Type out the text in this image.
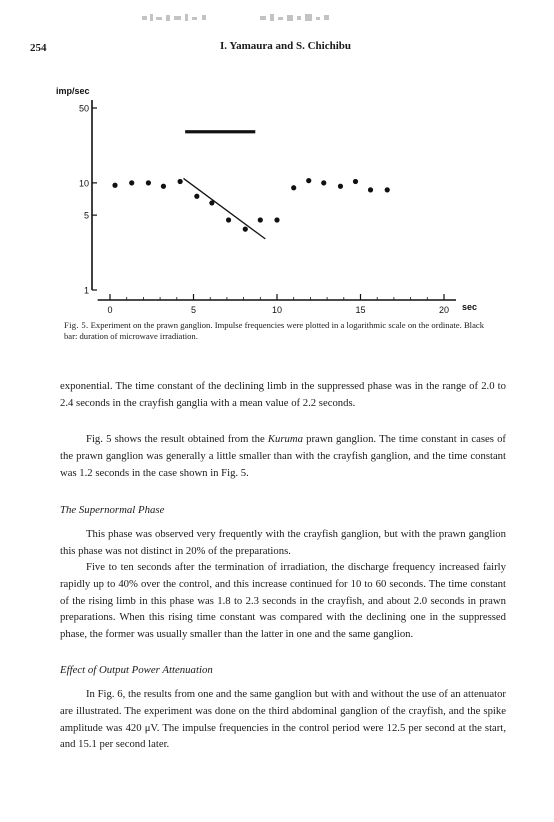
254	I. Yamaura and S. Chichibu
imp/sec
sec
50
10
5
1
0	5	10	15	20
Fig. 5. Experiment on the prawn ganglion. Impulse frequencies were plotted in a logarithmic scale on the ordinate. Black bar: duration of microwave irradiation.

exponential. The time constant of the declining limb in the suppressed phase was in the range of 2.0 to 2.4 seconds in the crayfish ganglia with a mean value of 2.2 seconds.

Fig. 5 shows the result obtained from the Kuruma prawn ganglion. The time constant in cases of the prawn ganglion was generally a little smaller than with the crayfish ganglion, and the time constant was 1.2 seconds in the case shown in Fig. 5.

The Supernormal Phase

This phase was observed very frequently with the crayfish ganglion, but with the prawn ganglion this phase was not distinct in 20% of the preparations.

Five to ten seconds after the termination of irradiation, the discharge frequency increased fairly rapidly up to 40% over the control, and this increase continued for 10 to 60 seconds. The time constant of the rising limb in this phase was 1.8 to 2.3 seconds in the crayfish, and about 2.0 seconds in prawn preparations. When this rising time constant was compared with the declining one in the suppressed phase, the former was usually smaller than the latter in one and the same ganglion.

Effect of Output Power Attenuation

In Fig. 6, the results from one and the same ganglion but with and without the use of an attenuator are illustrated. The experiment was done on the third abdominal ganglion of the crayfish, and the spike amplitude was 420 μV. The impulse frequencies in the control period were 12.5 per second at the start, and 15.1 per second later.
